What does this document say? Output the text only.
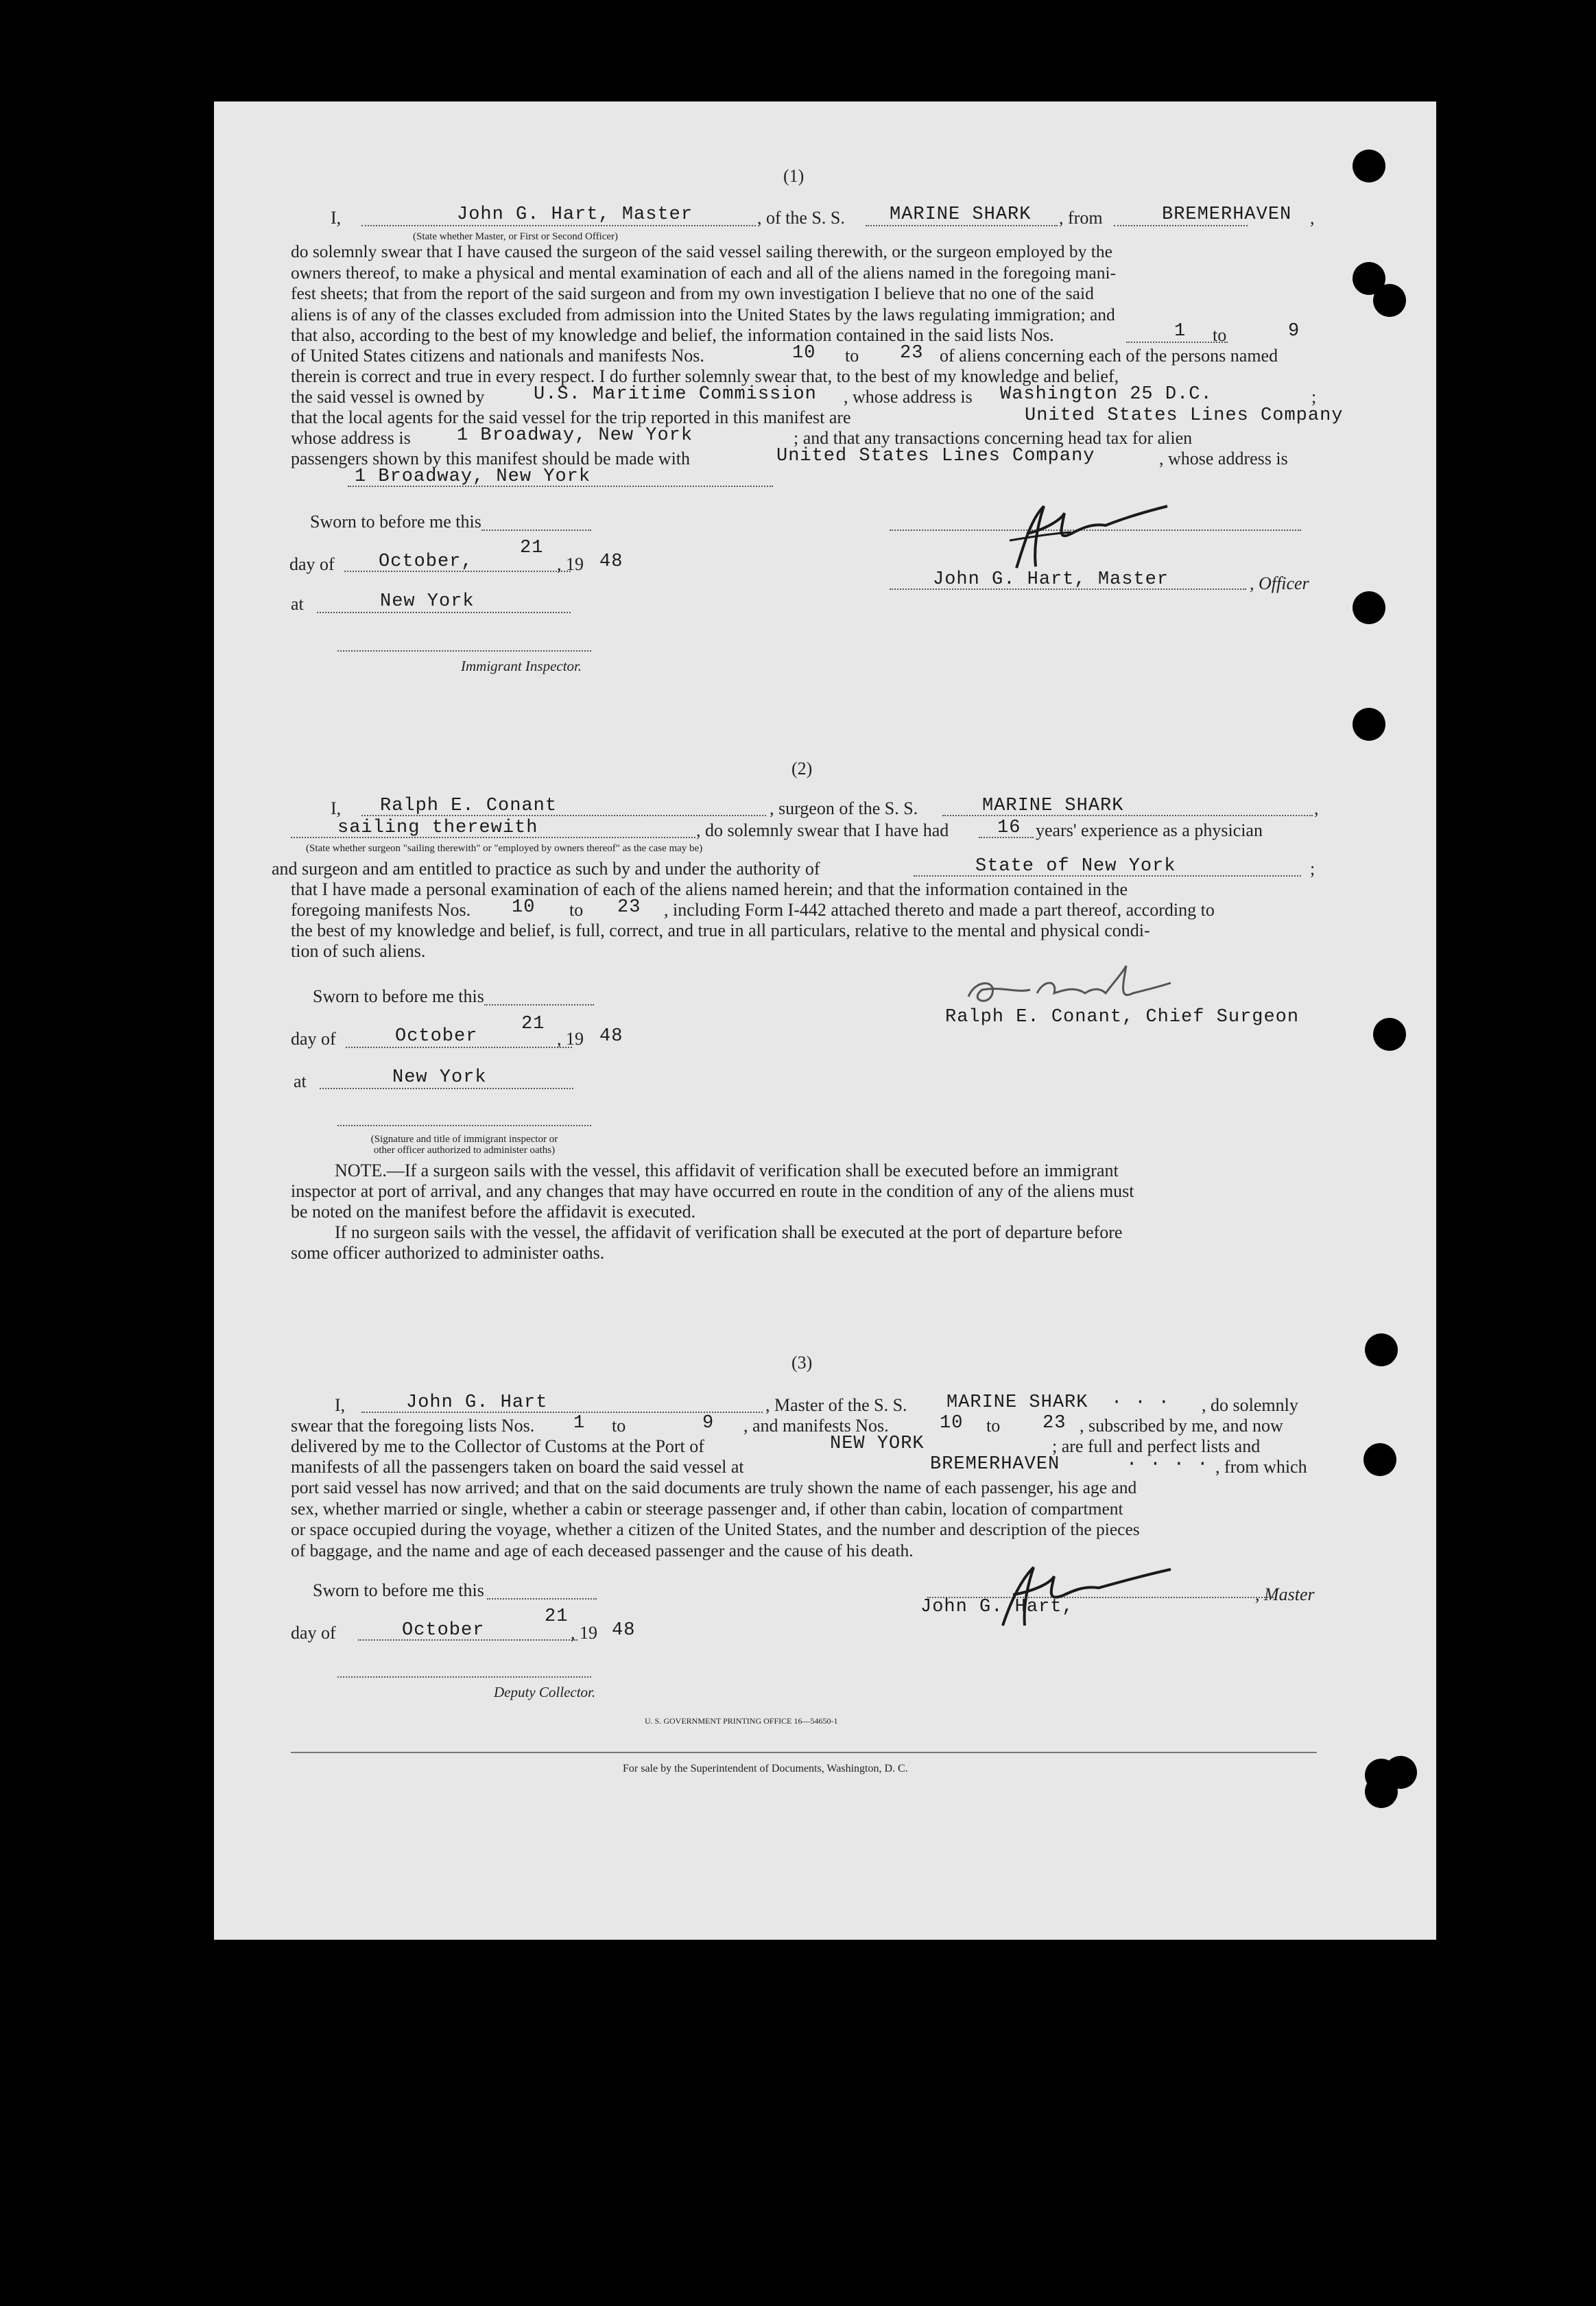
(1)
I,	John G. Hart, Master	, of the S. S. MARINE SHARK , from	BREMERHAVEN ,
(State whether Master, or First or Second Officer)
do solemnly swear that I have caused the surgeon of the said vessel sailing therewith, or the surgeon employed by the
owners thereof, to make a physical and mental examination of each and all of the aliens named in the foregoing mani-
fest sheets; that from the report of the said surgeon and from my own investigation I believe that no one of the said
aliens is of any of the classes excluded from admission into the United States by the laws regulating immigration; and
that also, according to the best of my knowledge and belief, the information contained in the said lists Nos.	1 to	9
of United States citizens and nationals and manifests Nos.	10 to 23 of aliens concerning each of the persons named
therein is correct and true in every respect. I do further solemnly swear that, to the best of my knowledge and belief,
the said vessel is owned by	U.S. Maritime Commission , whose address is Washington 25 D.C.	;
that the local agents for the said vessel for the trip reported in this manifest are	United States Lines Company
whose address is 1 Broadway, New York	; and that any transactions concerning head tax for alien
passengers shown by this manifest should be made with	United States Lines Company	, whose address is
1 Broadway, New York
Sworn to before me this
day of October,
21
, 19 48
at	New York
Immigrant Inspector.
John G. Hart, Master	, Officer
(2)
I, Ralph E. Conant	, surgeon of the S. S.	MARINE SHARK	,
sailing therewith	, do solemnly swear that I have had	16 years' experience as a physician
(State whether surgeon "sailing therewith" or "employed by owners thereof" as the case may be)
and surgeon and am entitled to practice as such by and under the authority of	State of New York	;
that I have made a personal examination of each of the aliens named herein; and that the information contained in the
foregoing manifests Nos. 10 to 23 , including Form I-442 attached thereto and made a part thereof, according to
the best of my knowledge and belief, is full, correct, and true in all particulars, relative to the mental and physical condi-
tion of such aliens.
Ralph E. Conant, Chief Surgeon
Sworn to before me this
day of	October
21
, 19 48
at	New York
(Signature and title of immigrant inspector or
other officer authorized to administer oaths)
NOTE.—If a surgeon sails with the vessel, this affidavit of verification shall be executed before an immigrant
inspector at port of arrival, and any changes that may have occurred en route in the condition of any of the aliens must
be noted on the manifest before the affidavit is executed.
If no surgeon sails with the vessel, the affidavit of verification shall be executed at the port of departure before
some officer authorized to administer oaths.
(3)
I,	John G. Hart	, Master of the S. S. MARINE SHARK · · · , do solemnly
swear that the foregoing lists Nos. 1 to	9 , and manifests Nos.	10 to 23 , subscribed by me, and now
delivered by me to the Collector of Customs at the Port of	NEW YORK	; are full and perfect lists and
manifests of all the passengers taken on board the said vessel at	BREMERHAVEN	· · · · , from which
port said vessel has now arrived; and that on the said documents are truly shown the name of each passenger, his age and
sex, whether married or single, whether a cabin or steerage passenger and, if other than cabin, location of compartment
or space occupied during the voyage, whether a citizen of the United States, and the number and description of the pieces
of baggage, and the name and age of each deceased passenger and the cause of his death.
Sworn to before me this
day of	October
21
, 19 48
Deputy Collector.
, Master
John G. Hart,
U. S. GOVERNMENT PRINTING OFFICE 16—54650-1
For sale by the Superintendent of Documents, Washington, D. C.
